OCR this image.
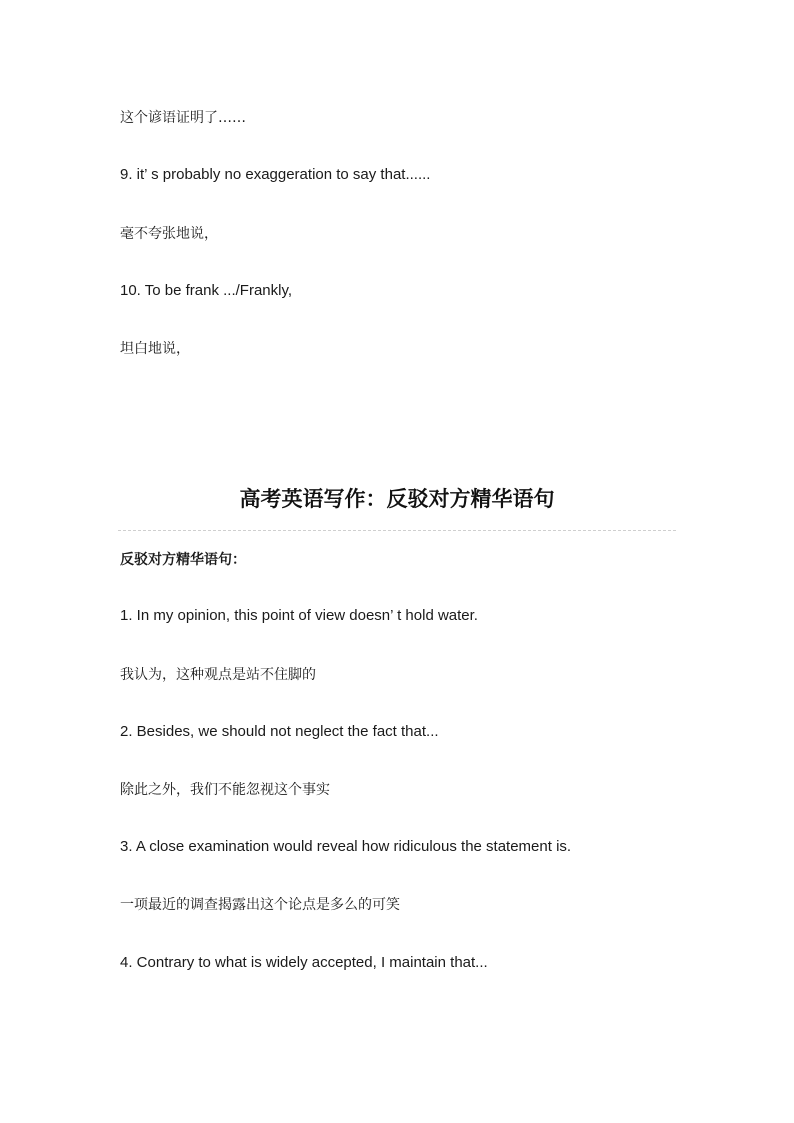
这个谚语证明了……

9. it’ s probably no exaggeration to say that......

毫不夸张地说，

10. To be frank .../Frankly,

坦白地说，

高考英语写作：反驳对方精华语句

反驳对方精华语句：

1. In my opinion, this point of view doesn’ t hold water.

我认为，这种观点是站不住脚的

2. Besides, we should not neglect the fact that...

除此之外，我们不能忽视这个事实

3. A close examination would reveal how ridiculous the statement is.

一项最近的调查揭露出这个论点是多么的可笑

4. Contrary to what is widely accepted, I maintain that...
